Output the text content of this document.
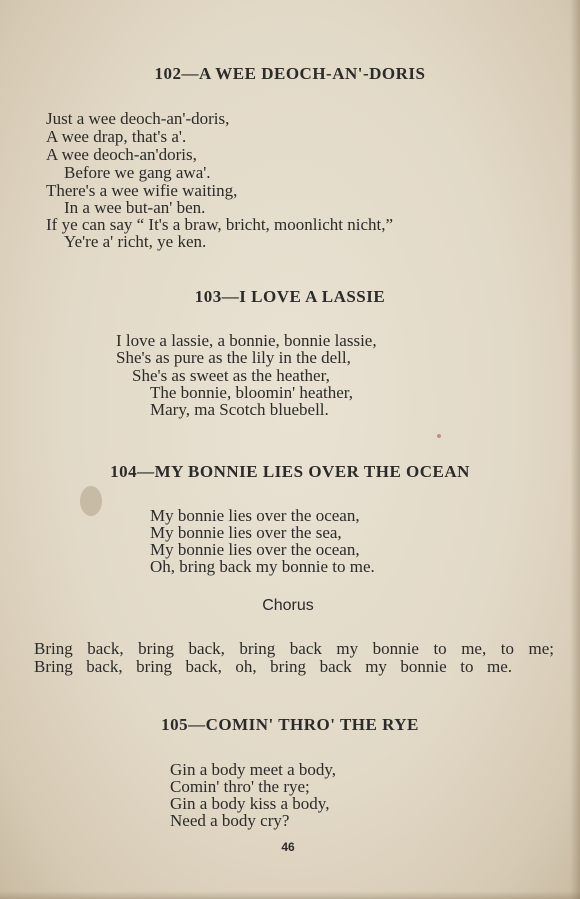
102—A WEE DEOCH-AN'-DORIS

Just a wee deoch-an'-doris,

A wee drap, that's a'.

A wee deoch-an'doris,

Before we gang awa'.

There's a wee wifie waiting,

In a wee but-an' ben.

If ye can say “ It's a braw, bricht, moonlicht nicht,”

Ye're a' richt, ye ken.

103—I LOVE A LASSIE

I love a lassie, a bonnie, bonnie lassie,

She's as pure as the lily in the dell,

She's as sweet as the heather,

The bonnie, bloomin' heather,

Mary, ma Scotch bluebell.

104—MY BONNIE LIES OVER THE OCEAN

My bonnie lies over the ocean,

My bonnie lies over the sea,

My bonnie lies over the ocean,

Oh, bring back my bonnie to me.

Chorus

Bring back, bring back, bring back my bonnie to me, to me;

Bring back, bring back, oh, bring back my bonnie to me.

105—COMIN' THRO' THE RYE

Gin a body meet a body,

Comin' thro' the rye;

Gin a body kiss a body,

Need a body cry?

46
